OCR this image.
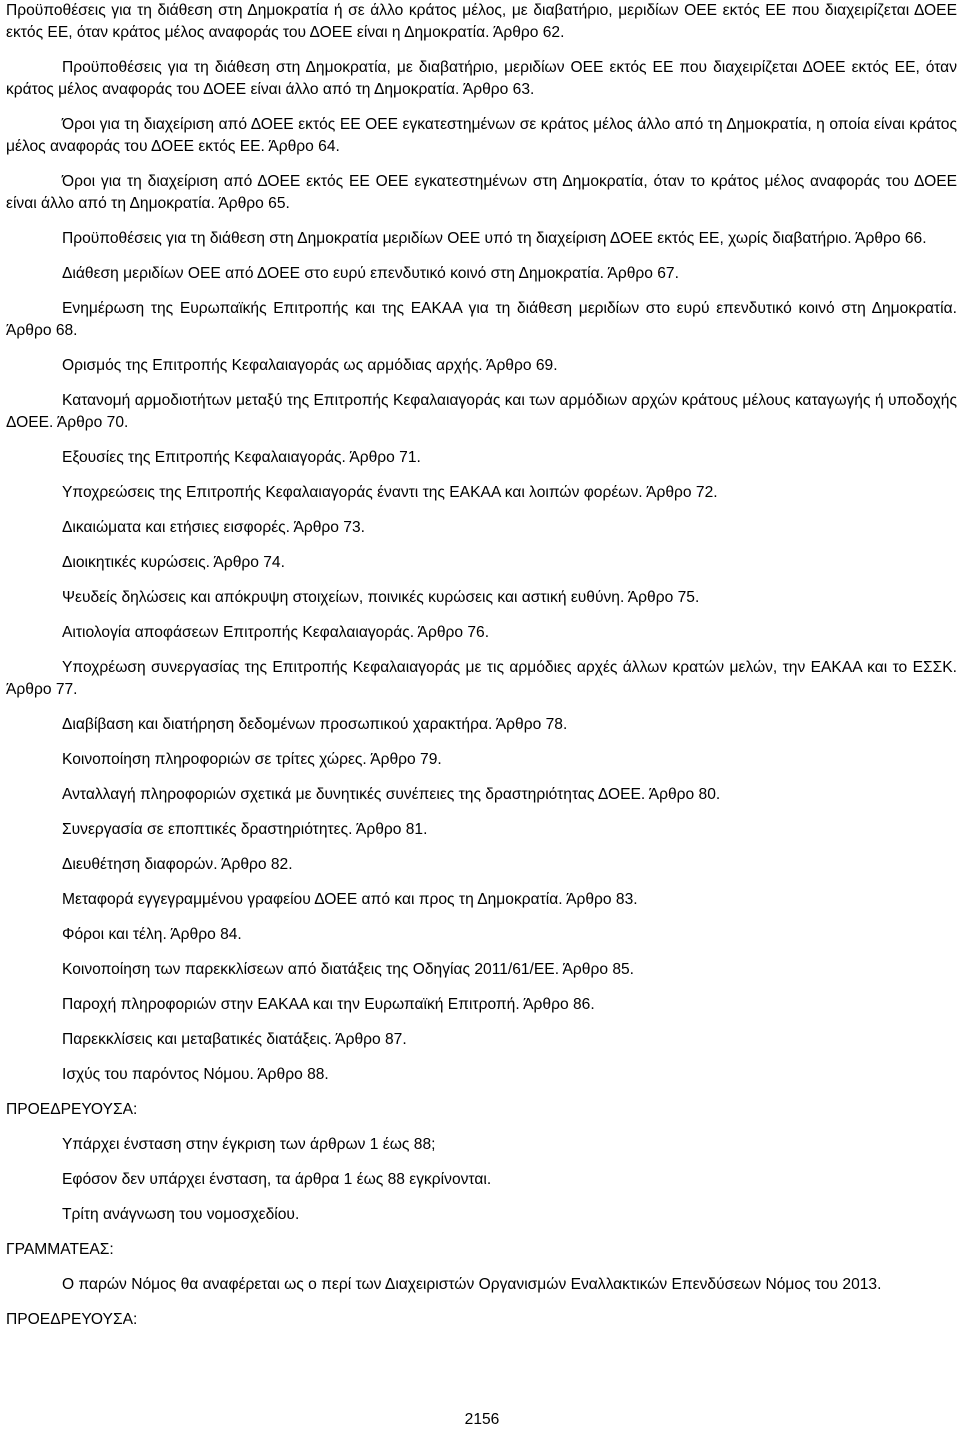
Προϋποθέσεις για τη διάθεση στη Δημοκρατία ή σε άλλο κράτος μέλος, με διαβατήριο, μεριδίων ΟΕΕ εκτός ΕΕ που διαχειρίζεται ΔΟΕΕ εκτός ΕΕ, όταν κράτος μέλος αναφοράς του ΔΟΕΕ είναι η Δημοκρατία. Άρθρο 62.

Προϋποθέσεις για τη διάθεση στη Δημοκρατία, με διαβατήριο, μεριδίων ΟΕΕ εκτός ΕΕ που διαχειρίζεται ΔΟΕΕ εκτός ΕΕ, όταν κράτος μέλος αναφοράς του ΔΟΕΕ είναι άλλο από τη Δημοκρατία. Άρθρο 63.

Όροι για τη διαχείριση από ΔΟΕΕ εκτός ΕΕ ΟΕΕ εγκατεστημένων σε κράτος μέλος άλλο από τη Δημοκρατία, η οποία είναι κράτος μέλος αναφοράς του ΔΟΕΕ εκτός ΕΕ. Άρθρο 64.

Όροι για τη διαχείριση από ΔΟΕΕ εκτός ΕΕ ΟΕΕ εγκατεστημένων στη Δημοκρατία, όταν το κράτος μέλος αναφοράς του ΔΟΕΕ είναι άλλο από τη Δημοκρατία. Άρθρο 65.

Προϋποθέσεις για τη διάθεση στη Δημοκρατία μεριδίων ΟΕΕ υπό τη διαχείριση ΔΟΕΕ εκτός ΕΕ, χωρίς διαβατήριο. Άρθρο 66.

Διάθεση μεριδίων ΟΕΕ από ΔΟΕΕ στο ευρύ επενδυτικό κοινό στη Δημοκρατία. Άρθρο 67.

Ενημέρωση της Ευρωπαϊκής Επιτροπής και της ΕΑΚΑΑ για τη διάθεση μεριδίων στο ευρύ επενδυτικό κοινό στη Δημοκρατία. Άρθρο 68.

Ορισμός της Επιτροπής Κεφαλαιαγοράς ως αρμόδιας αρχής. Άρθρο 69.

Κατανομή αρμοδιοτήτων μεταξύ της Επιτροπής Κεφαλαιαγοράς και των αρμόδιων αρχών κράτους μέλους καταγωγής ή υποδοχής ΔΟΕΕ. Άρθρο 70.

Εξουσίες της Επιτροπής Κεφαλαιαγοράς. Άρθρο 71.

Υποχρεώσεις της Επιτροπής Κεφαλαιαγοράς έναντι της ΕΑΚΑΑ και λοιπών φορέων. Άρθρο 72.

Δικαιώματα και ετήσιες εισφορές. Άρθρο 73.

Διοικητικές κυρώσεις. Άρθρο 74.

Ψευδείς δηλώσεις και απόκρυψη στοιχείων, ποινικές κυρώσεις και αστική ευθύνη. Άρθρο 75.

Αιτιολογία αποφάσεων Επιτροπής Κεφαλαιαγοράς. Άρθρο 76.

Υποχρέωση συνεργασίας της Επιτροπής Κεφαλαιαγοράς με τις αρμόδιες αρχές άλλων κρατών μελών, την ΕΑΚΑΑ και το ΕΣΣΚ. Άρθρο 77.

Διαβίβαση και διατήρηση δεδομένων προσωπικού χαρακτήρα. Άρθρο 78.

Κοινοποίηση πληροφοριών σε τρίτες χώρες. Άρθρο 79.

Ανταλλαγή πληροφοριών σχετικά με δυνητικές συνέπειες της δραστηριότητας ΔΟΕΕ. Άρθρο 80.

Συνεργασία σε εποπτικές δραστηριότητες. Άρθρο 81.

Διευθέτηση διαφορών. Άρθρο 82.

Μεταφορά εγγεγραμμένου γραφείου ΔΟΕΕ από και προς τη Δημοκρατία. Άρθρο 83.

Φόροι και τέλη. Άρθρο 84.

Κοινοποίηση των παρεκκλίσεων από διατάξεις της Οδηγίας 2011/61/ΕΕ. Άρθρο 85.

Παροχή πληροφοριών στην ΕΑΚΑΑ και την Ευρωπαϊκή Επιτροπή. Άρθρο 86.

Παρεκκλίσεις και μεταβατικές διατάξεις. Άρθρο 87.

Ισχύς του παρόντος Νόμου. Άρθρο 88.

ΠΡΟΕΔΡΕΥΟΥΣΑ:

Υπάρχει ένσταση στην έγκριση των άρθρων 1 έως 88;

Εφόσον δεν υπάρχει ένσταση, τα άρθρα 1 έως 88 εγκρίνονται.

Τρίτη ανάγνωση του νομοσχεδίου.

ΓΡΑΜΜΑΤΕΑΣ:

Ο παρών Νόμος θα αναφέρεται ως ο περί των Διαχειριστών Οργανισμών Εναλλακτικών Επενδύσεων Νόμος του 2013.

ΠΡΟΕΔΡΕΥΟΥΣΑ:

2156
